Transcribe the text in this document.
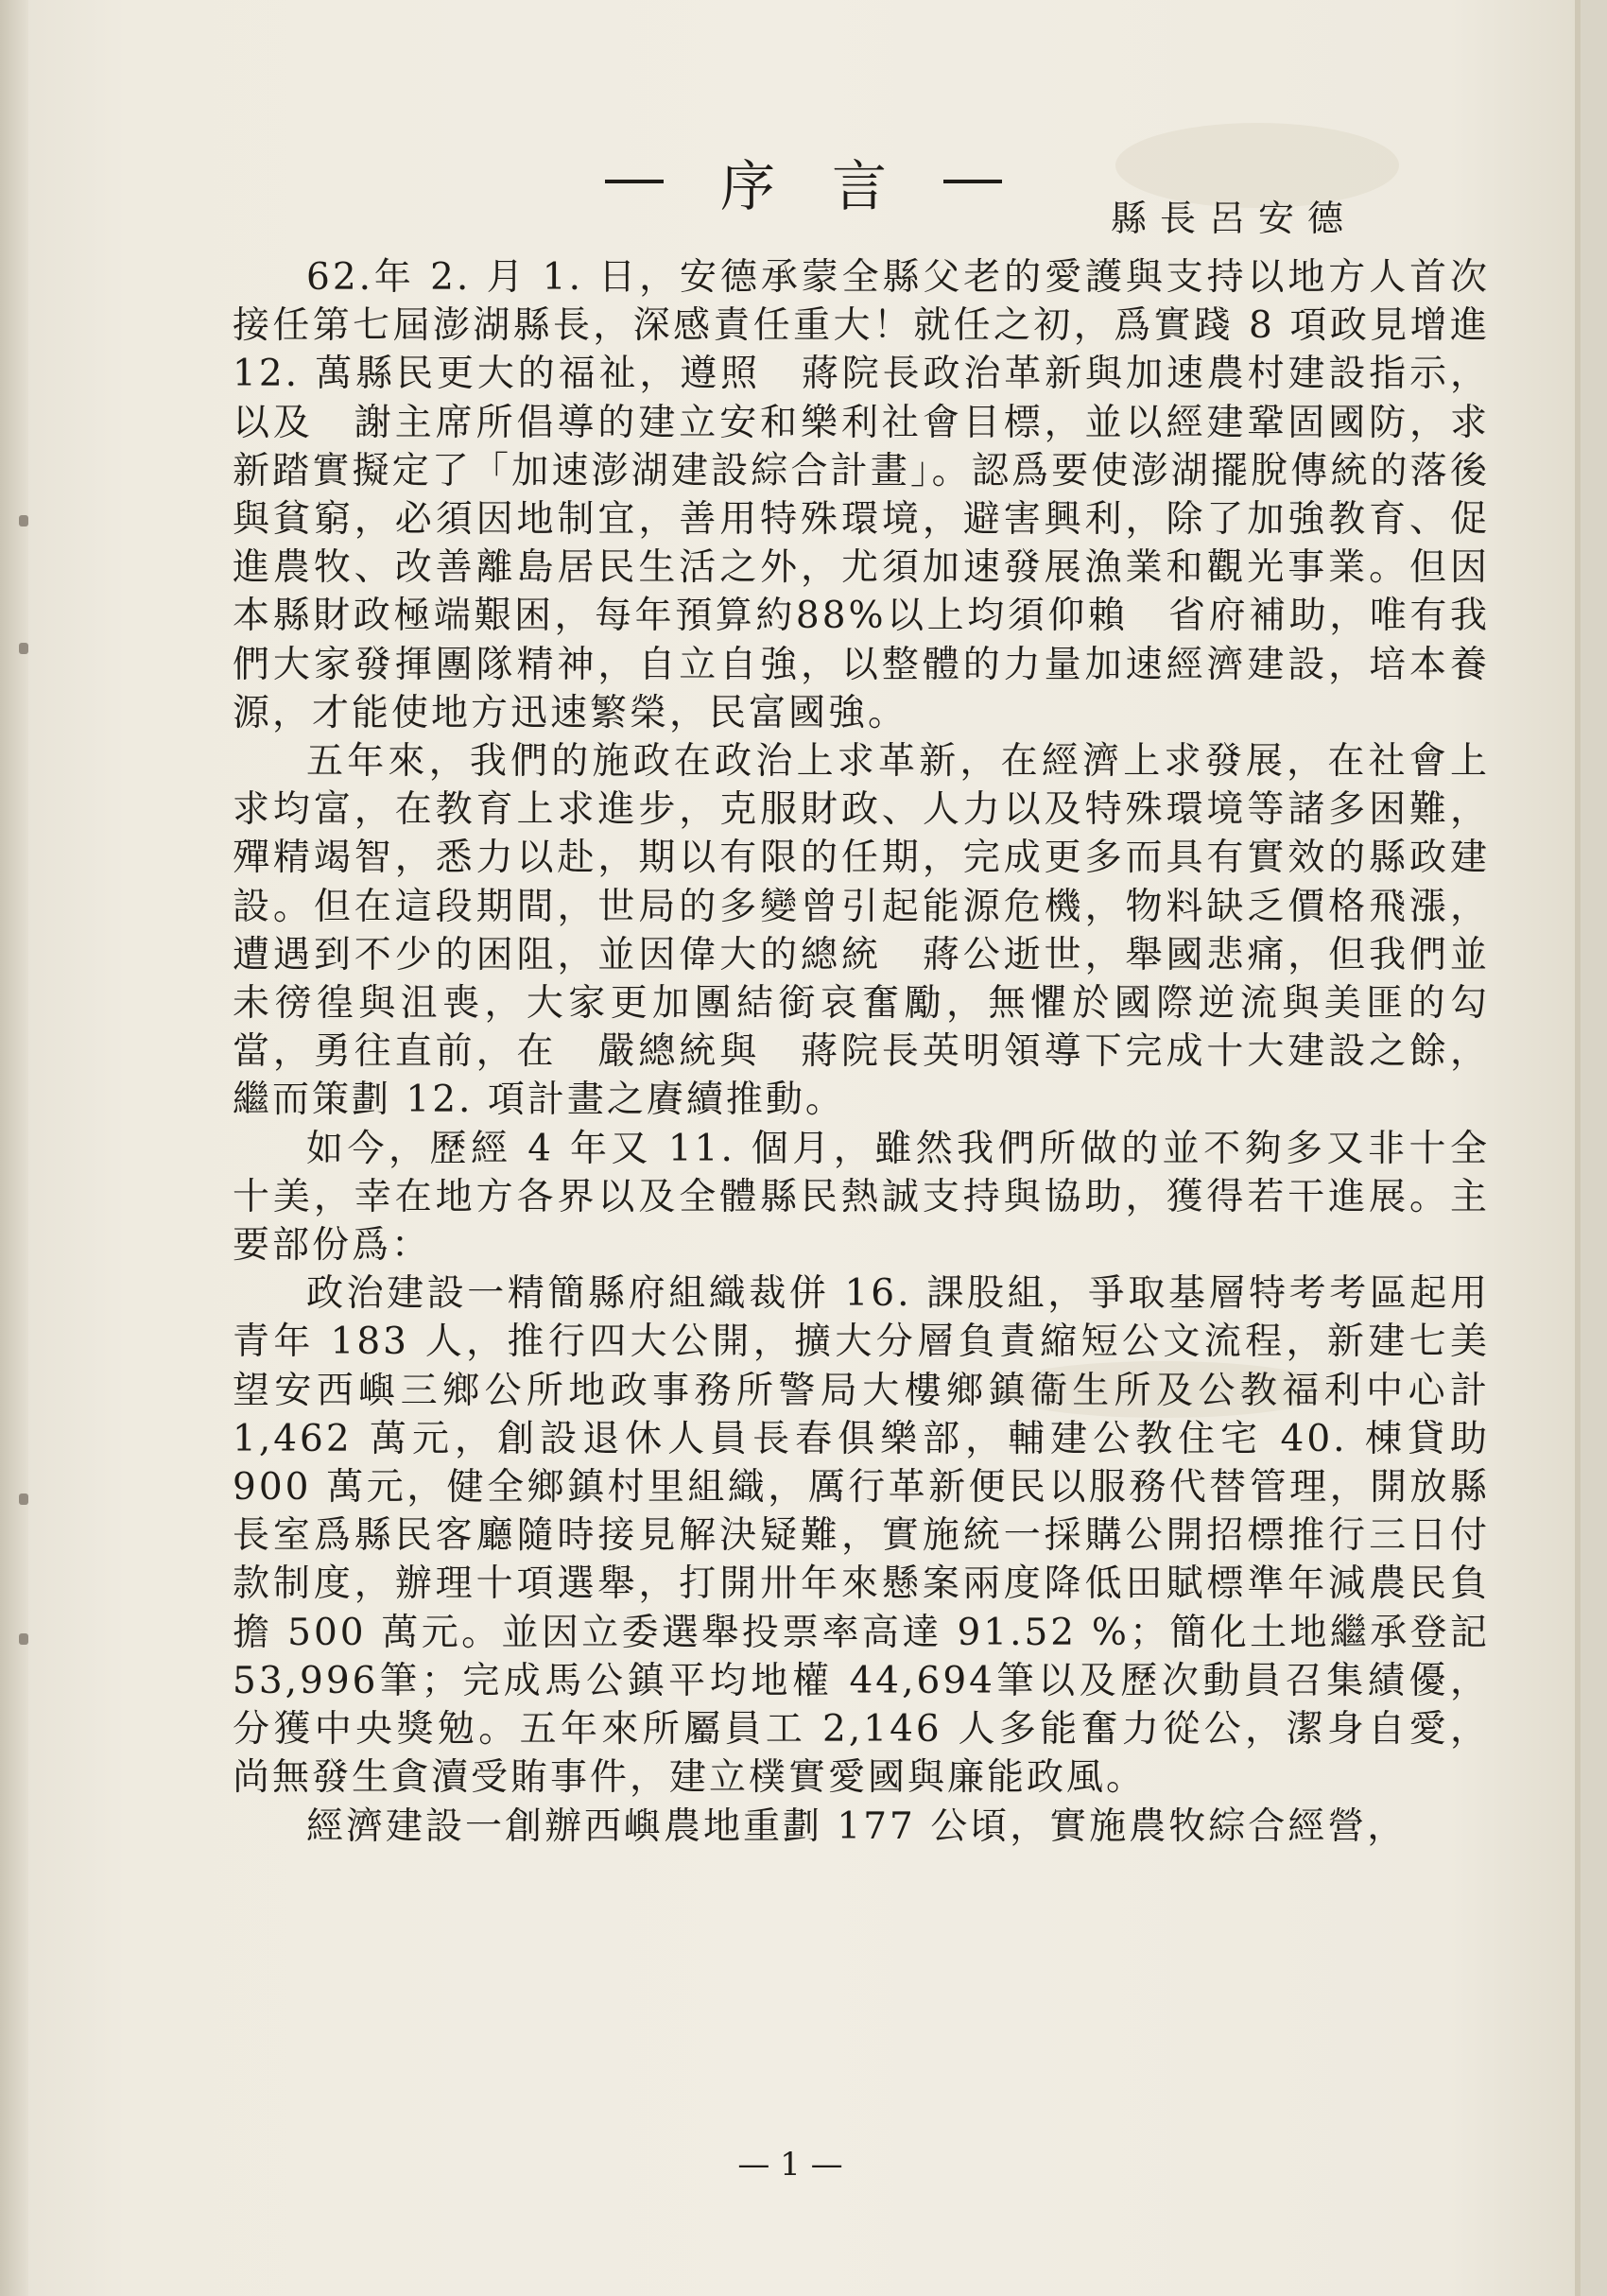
序 言	縣長呂安德

62.年 2. 月 1. 日，安德承蒙全縣父老的愛護與支持以地方人首次接任第七屆澎湖縣長，深感責任重大！就任之初，爲實踐 8 項政見增進 12. 萬縣民更大的福祉，遵照　蔣院長政治革新與加速農村建設指示，以及　謝主席所倡導的建立安和樂利社會目標，並以經建鞏固國防，求新踏實擬定了「加速澎湖建設綜合計畫」。認爲要使澎湖擺脫傳統的落後與貧窮，必須因地制宜，善用特殊環境，避害興利，除了加強教育、促進農牧、改善離島居民生活之外，尤須加速發展漁業和觀光事業。但因本縣財政極端艱困，每年預算約88%以上均須仰賴　省府補助，唯有我們大家發揮團隊精神，自立自強，以整體的力量加速經濟建設，培本養源，才能使地方迅速繁榮，民富國強。

五年來，我們的施政在政治上求革新，在經濟上求發展，在社會上求均富，在教育上求進步，克服財政、人力以及特殊環境等諸多困難，殫精竭智，悉力以赴，期以有限的任期，完成更多而具有實效的縣政建設。但在這段期間，世局的多變曾引起能源危機，物料缺乏價格飛漲，遭遇到不少的困阻，並因偉大的總統　蔣公逝世，舉國悲痛，但我們並未徬徨與沮喪，大家更加團結銜哀奮勵，無懼於國際逆流與美匪的勾當，勇往直前，在　嚴總統與　蔣院長英明領導下完成十大建設之餘，繼而策劃 12. 項計畫之賡續推動。

如今，歷經 4 年又 11. 個月，雖然我們所做的並不夠多又非十全十美，幸在地方各界以及全體縣民熱誠支持與協助，獲得若干進展。主要部份爲：

政治建設一精簡縣府組織裁併 16. 課股組，爭取基層特考考區起用青年 183 人，推行四大公開，擴大分層負責縮短公文流程，新建七美望安西嶼三鄉公所地政事務所警局大樓鄉鎮衞生所及公教福利中心計 1,462 萬元，創設退休人員長春俱樂部，輔建公教住宅 40. 棟貸助 900 萬元，健全鄉鎮村里組織，厲行革新便民以服務代替管理，開放縣長室爲縣民客廳隨時接見解決疑難，實施統一採購公開招標推行三日付款制度，辦理十項選舉，打開卅年來懸案兩度降低田賦標準年減農民負擔 500 萬元。並因立委選舉投票率高達 91.52 %；簡化土地繼承登記 53,996筆；完成馬公鎮平均地權 44,694筆以及歷次動員召集績優，分獲中央獎勉。五年來所屬員工 2,146 人多能奮力從公，潔身自愛，尚無發生貪瀆受賄事件，建立樸實愛國與廉能政風。

經濟建設一創辦西嶼農地重劃 177 公頃，實施農牧綜合經營，

— 1 —
